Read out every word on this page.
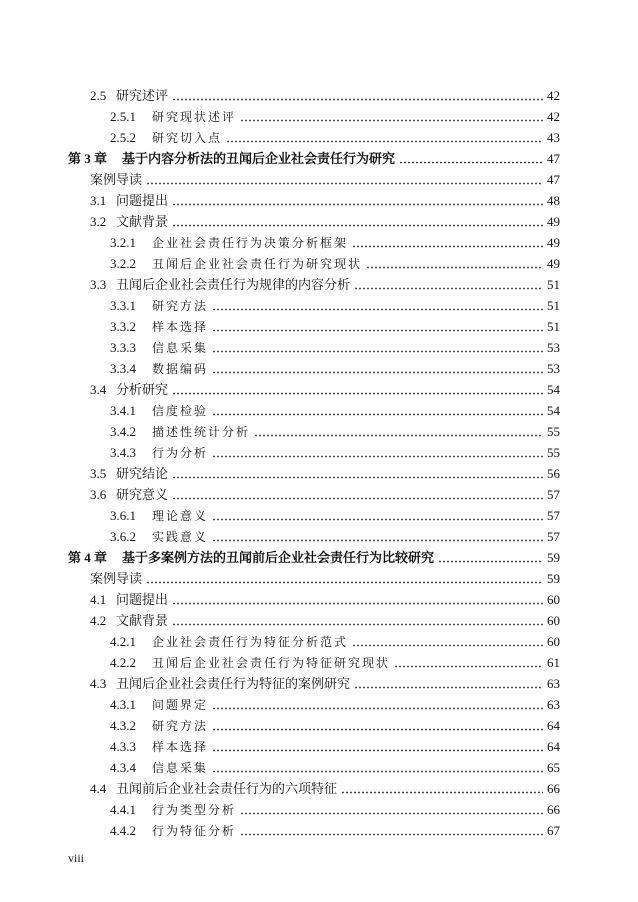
2.5 研究述评	42
2.5.1	研究现状述评	42
2.5.2	研究切入点	43
第 3 章	基于内容分析法的丑闻后企业社会责任行为研究	47
案例导读	47
3.1 问题提出	48
3.2 文献背景	49
3.2.1	企业社会责任行为决策分析框架	49
3.2.2	丑闻后企业社会责任行为研究现状	49
3.3 丑闻后企业社会责任行为规律的内容分析	51
3.3.1	研究方法	51
3.3.2	样本选择	51
3.3.3	信息采集	53
3.3.4	数据编码	53
3.4 分析研究	54
3.4.1	信度检验	54
3.4.2	描述性统计分析	55
3.4.3	行为分析	55
3.5 研究结论	56
3.6 研究意义	57
3.6.1	理论意义	57
3.6.2	实践意义	57
第 4 章	基于多案例方法的丑闻前后企业社会责任行为比较研究	59
案例导读	59
4.1 问题提出	60
4.2 文献背景	60
4.2.1	企业社会责任行为特征分析范式	60
4.2.2	丑闻后企业社会责任行为特征研究现状	61
4.3 丑闻后企业社会责任行为特征的案例研究	63
4.3.1	问题界定	63
4.3.2	研究方法	64
4.3.3	样本选择	64
4.3.4	信息采集	65
4.4 丑闻前后企业社会责任行为的六项特征	66
4.4.1	行为类型分析	66
4.4.2	行为特征分析	67
viii
